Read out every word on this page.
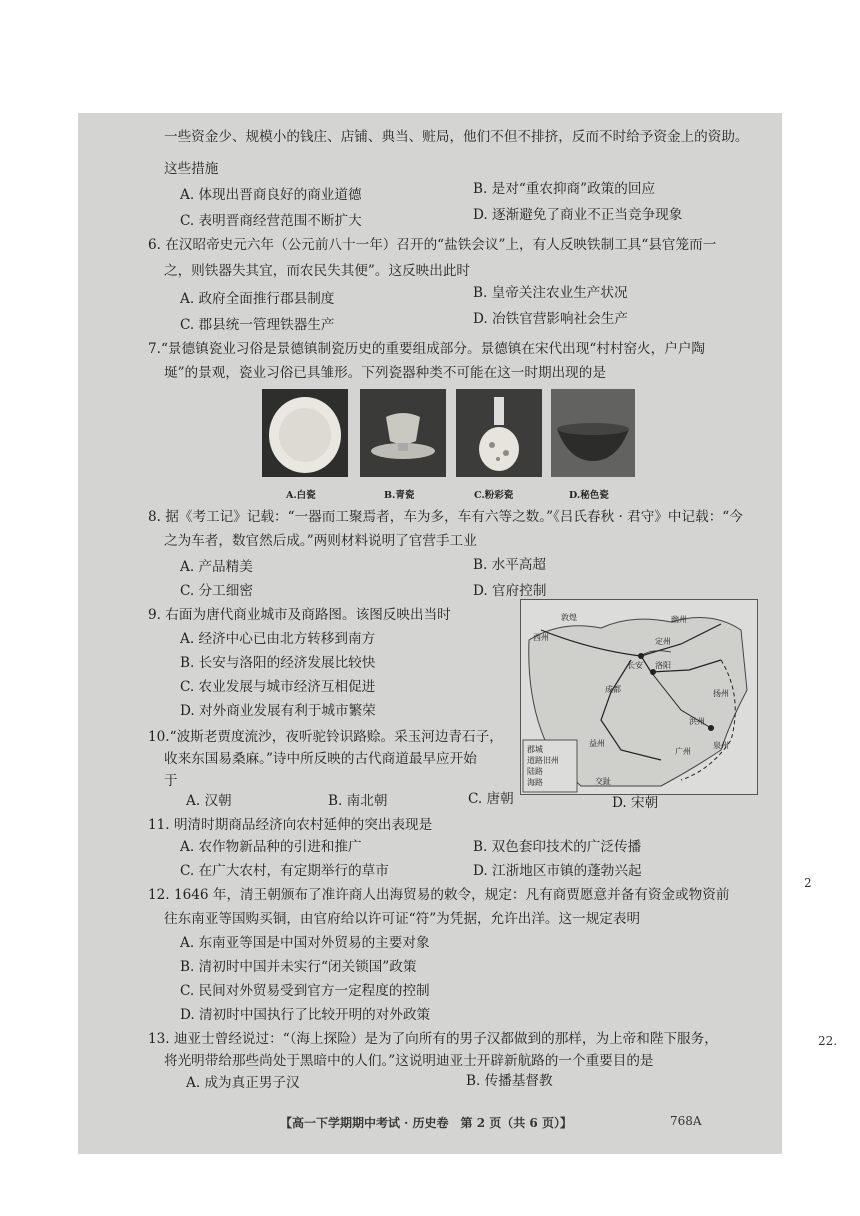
一些资金少、规模小的钱庄、店铺、典当、赃局，他们不但不排挤，反而不时给予资金上的资助。
这些措施
A. 体现出晋商良好的商业道德	B. 是对“重农抑商”政策的回应
C. 表明晋商经营范围不断扩大	D. 逐渐避免了商业不正当竞争现象
6. 在汉昭帝史元六年（公元前八十一年）召开的“盐铁会议”上，有人反映铁制工具“县官笼而一
之，则铁器失其宜，而农民失其便”。这反映出此时
A. 政府全面推行郡县制度	B. 皇帝关注农业生产状况
C. 郡县统一管理铁器生产	D. 冶铁官营影响社会生产
7.“景德镇瓷业习俗是景德镇制瓷历史的重要组成部分。景德镇在宋代出现“村村窑火，户户陶
埏”的景观，瓷业习俗已具雏形。下列瓷器种类不可能在这一时期出现的是
A.白瓷	B.青瓷	C.粉彩瓷	D.秘色瓷
8. 据《考工记》记载：“一器而工聚焉者，车为多，车有六等之数。”《吕氏春秋 · 君守》中记载：“今
之为车者，数官然后成。”两则材料说明了官营手工业
A. 产品精美	B. 水平高超
C. 分工细密	D. 官府控制
9. 右面为唐代商业城市及商路图。该图反映出当时
A. 经济中心已由北方转移到南方
B. 长安与洛阳的经济发展比较快
C. 农业发展与城市经济互相促进
D. 对外商业发展有利于城市繁荣
敦煌	幽州
定州
西州
长安 洛阳
扬州
成都
洪州
泉州
广州
交趾
益州
郡城
道路旧州
陆路
海路
10.“波斯老贾度流沙，夜听驼铃识路赊。采玉河边青石子，
收来东国易桑麻。”诗中所反映的古代商道最早应开始
于
A. 汉朝	B. 南北朝	C. 唐朝	D. 宋朝
11. 明清时期商品经济向农村延伸的突出表现是
A. 农作物新品种的引进和推广	B. 双色套印技术的广泛传播
C. 在广大农村，有定期举行的草市	D. 江浙地区市镇的蓬勃兴起
12. 1646 年，清王朝颁布了准许商人出海贸易的敕令，规定：凡有商贾愿意并备有资金或物资前
往东南亚等国购买铜，由官府给以许可证“符”为凭据，允许出洋。这一规定表明
A. 东南亚等国是中国对外贸易的主要对象
B. 清初时中国并未实行“闭关锁国”政策
C. 民间对外贸易受到官方一定程度的控制
D. 清初时中国执行了比较开明的对外政策
13. 迪亚士曾经说过：“（海上探险）是为了向所有的男子汉都做到的那样，为上帝和陛下服务，
将光明带给那些尚处于黑暗中的人们。”这说明迪亚士开辟新航路的一个重要目的是
A. 成为真正男子汉	B. 传播基督教
【高一下学期期中考试 · 历史卷　第 2 页（共 6 页）】	768A
2
22.
